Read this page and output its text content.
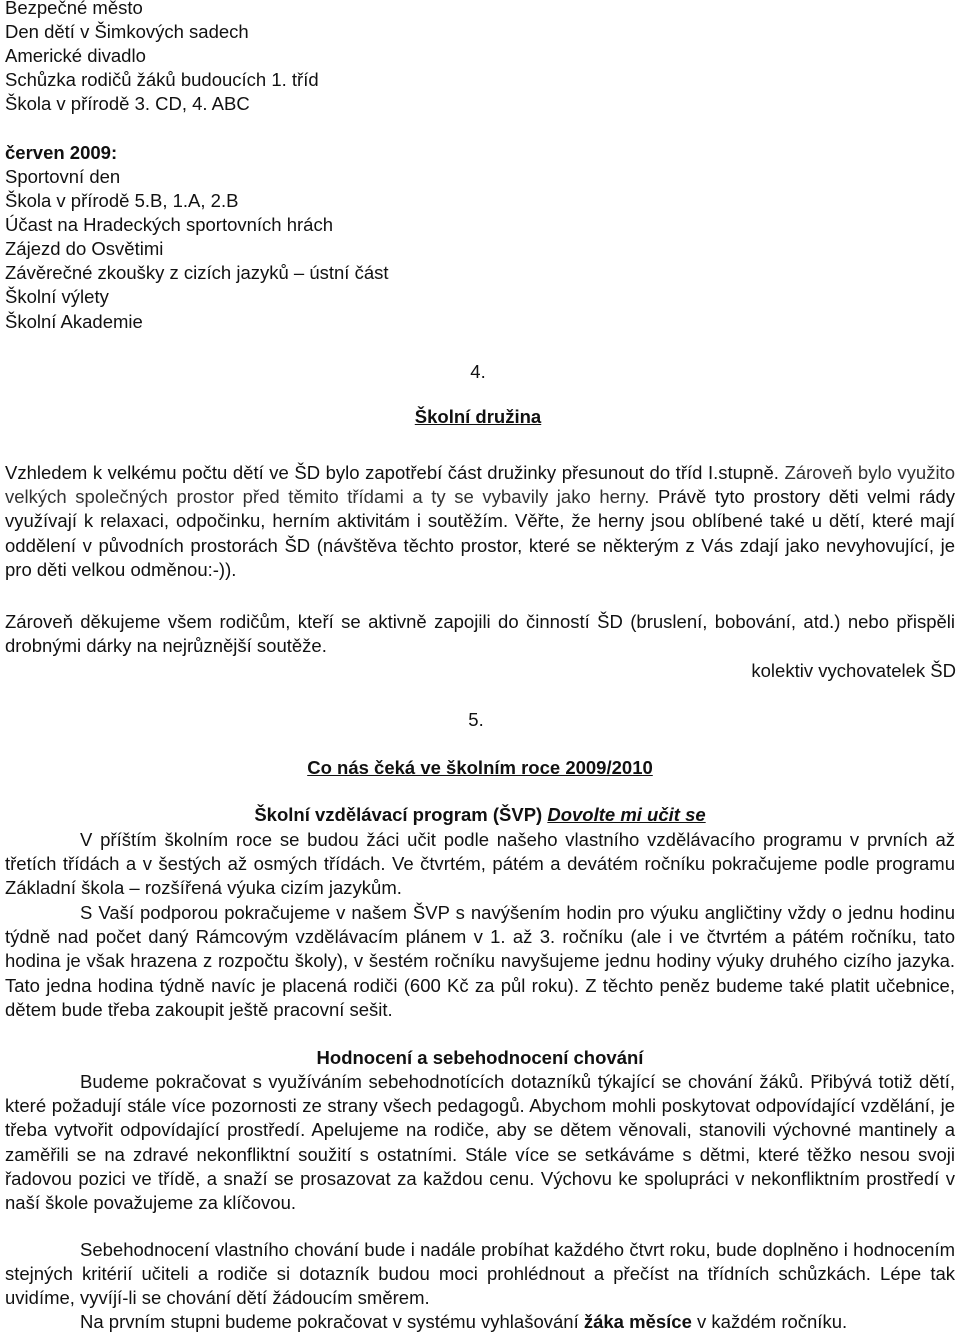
Bezpečné město
Den dětí v Šimkových sadech
Americké divadlo
Schůzka rodičů žáků budoucích 1. tříd
Škola v přírodě 3. CD, 4. ABC
červen 2009:
Sportovní den
Škola v přírodě 5.B, 1.A, 2.B
Účast na Hradeckých sportovních hrách
Zájezd do Osvětimi
Závěrečné zkoušky z cizích jazyků – ústní část
Školní výlety
Školní Akademie
4.
Školní družina

Vzhledem k velkému počtu dětí ve ŠD bylo zapotřebí část družinky přesunout do tříd I.stupně. Zároveň bylo využito velkých společných prostor před těmito třídami a ty se vybavily jako herny. Právě tyto prostory děti velmi rády využívají k relaxaci, odpočinku, herním aktivitám i soutěžím. Věřte, že herny jsou oblíbené také u dětí, které mají oddělení v původních prostorách ŠD (návštěva těchto prostor, které se některým z Vás zdají jako nevyhovující, je pro děti velkou odměnou:-)).

Zároveň děkujeme všem rodičům, kteří se aktivně zapojili do činností ŠD (bruslení, bobování, atd.) nebo přispěli drobnými dárky na nejrůznější soutěže.
kolektiv vychovatelek ŠD
5.
Co nás čeká ve školním roce 2009/2010
Školní vzdělávací program (ŠVP) Dovolte mi učit se
V příštím školním roce se budou žáci učit podle našeho vlastního vzdělávacího programu v prvních až třetích třídách a v šestých až osmých třídách. Ve čtvrtém, pátém a devátém ročníku pokračujeme podle programu Základní škola – rozšířená výuka cizím jazykům.
S Vaší podporou pokračujeme v našem ŠVP s navýšením hodin pro výuku angličtiny vždy o jednu hodinu týdně nad počet daný Rámcovým vzdělávacím plánem v 1. až 3. ročníku (ale i ve čtvrtém a pátém ročníku, tato hodina je však hrazena z rozpočtu školy), v šestém ročníku navyšujeme jednu hodiny výuky druhého cizího jazyka. Tato jedna hodina týdně navíc je placená rodiči (600 Kč za půl roku). Z těchto peněz budeme také platit učebnice, dětem bude třeba zakoupit ještě pracovní sešit.
Hodnocení a sebehodnocení chování
Budeme pokračovat s využíváním sebehodnotících dotazníků týkající se chování žáků. Přibývá totiž dětí, které požadují stále více pozornosti ze strany všech pedagogů. Abychom mohli poskytovat odpovídající vzdělání, je třeba vytvořit odpovídající prostředí. Apelujeme na rodiče, aby se dětem věnovali, stanovili výchovné mantinely a zaměřili se na zdravé nekonfliktní soužití s ostatními. Stále více se setkáváme s dětmi, které těžko nesou svoji řadovou pozici ve třídě, a snaží se prosazovat za každou cenu. Výchovu ke spolupráci v nekonfliktním prostředí v naší škole považujeme za klíčovou.
Sebehodnocení vlastního chování bude i nadále probíhat každého čtvrt roku, bude doplněno i hodnocením stejných kritérií učiteli a rodiče si dotazník budou moci prohlédnout a přečíst na třídních schůzkách. Lépe tak uvidíme, vyvíjí-li se chování dětí žádoucím směrem.
Na prvním stupni budeme pokračovat v systému vyhlašování žáka měsíce v každém ročníku.
